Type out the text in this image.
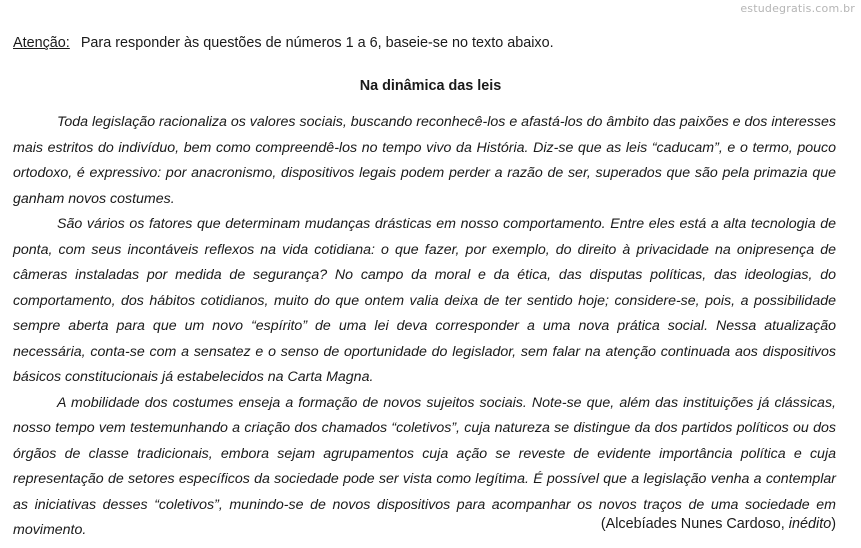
estudegratis.com.br
Atenção: Para responder às questões de números 1 a 6, baseie-se no texto abaixo.
Na dinâmica das leis

Toda legislação racionaliza os valores sociais, buscando reconhecê-los e afastá-los do âmbito das paixões e dos interesses mais estritos do indivíduo, bem como compreendê-los no tempo vivo da História. Diz-se que as leis “caducam”, e o termo, pouco ortodoxo, é expressivo: por anacronismo, dispositivos legais podem perder a razão de ser, superados que são pela primazia que ganham novos costumes.

São vários os fatores que determinam mudanças drásticas em nosso comportamento. Entre eles está a alta tecnologia de ponta, com seus incontáveis reflexos na vida cotidiana: o que fazer, por exemplo, do direito à privacidade na onipresença de câmeras instaladas por medida de segurança? No campo da moral e da ética, das disputas políticas, das ideologias, do comportamento, dos hábitos cotidianos, muito do que ontem valia deixa de ter sentido hoje; considere-se, pois, a possibilidade sempre aberta para que um novo “espírito” de uma lei deva corresponder a uma nova prática social. Nessa atualização necessária, conta-se com a sensatez e o senso de oportunidade do legislador, sem falar na atenção continuada aos dispositivos básicos constitucionais já estabelecidos na Carta Magna.

A mobilidade dos costumes enseja a formação de novos sujeitos sociais. Note-se que, além das instituições já clássicas, nosso tempo vem testemunhando a criação dos chamados “coletivos”, cuja natureza se distingue da dos partidos políticos ou dos órgãos de classe tradicionais, embora sejam agrupamentos cuja ação se reveste de evidente importância política e cuja representação de setores específicos da sociedade pode ser vista como legítima. É possível que a legislação venha a contemplar as iniciativas desses “coletivos”, munindo-se de novos dispositivos para acompanhar os novos traços de uma sociedade em movimento.	(Alcebíades Nunes Cardoso, inédito)
